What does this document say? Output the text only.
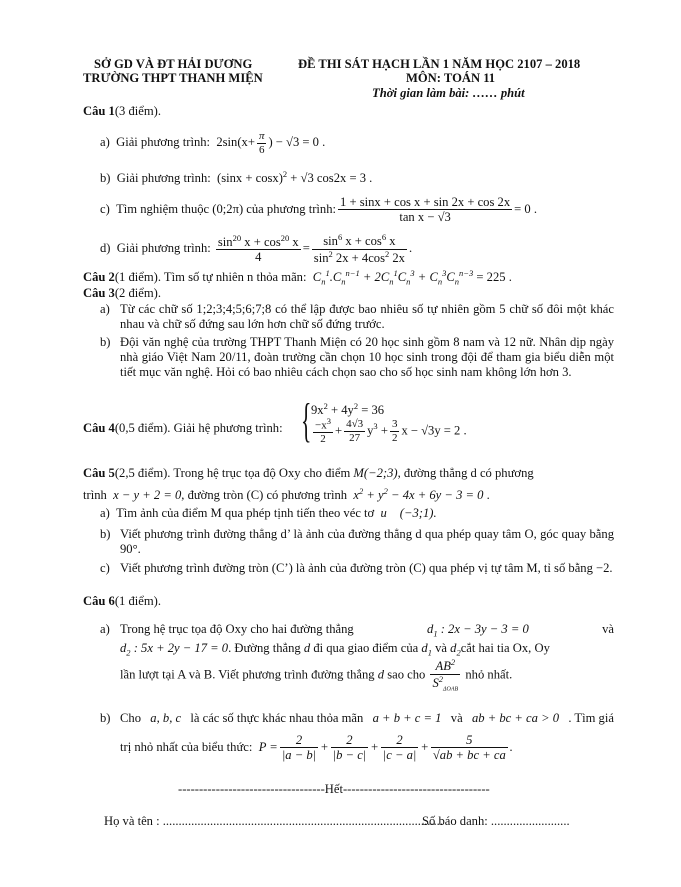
SỞ GD VÀ ĐT HẢI DƯƠNG
TRƯỜNG THPT THANH MIỆN
ĐỀ THI SÁT HẠCH LẦN 1 NĂM HỌC 2107 – 2018
MÔN: TOÁN 11
Thời gian làm bài: …… phút
Câu 1(3 điểm).
a) Giải phương trình:  $2\sin(x+ \frac{\pi}{6}$ ) − √3 = 0 .
b) Giải phương trình:  $(\sin x + \cos x)^2 + √3$ cos2x = 3 .
c) Tìm nghiệm thuộc (0;2π) của phương trình: $\frac{\text{1 + sinx + cos x + sin 2x + cos 2x}}{\text{tan x − √3}} = 0$ .
d) Giải phương trình: $\frac{\sin^{20} x + \cos^{20} x}{4} = \frac{\sin^6 x + \cos^6 x}{\sin^2 2x + 4\cos^2 2x}$ .
Câu 2(1 điểm). Tìm số tự nhiên n thỏa mãn:  $C_n^1.C_n^{n-1} + 2C_n^1C_n^3 + C_n^3C_n^{n-3} = 225$ .
Câu 3(2 điểm).
a) Từ các chữ số 1;2;3;4;5;6;7;8 có thể lập được bao nhiêu số tự nhiên gồm 5 chữ số đôi một khác nhau và chữ số đứng sau lớn hơn chữ số đứng trước.
b) Đội văn nghệ của trường THPT Thanh Miện có 20 học sinh gồm 8 nam và 12 nữ. Nhân dịp ngày nhà giáo Việt Nam 20/11, đoàn trường cần chọn 10 học sinh trong đội để tham gia biểu diễn một tiết mục văn nghệ. Hỏi có bao nhiêu cách chọn sao cho số học sinh nam không lớn hơn 3.
Câu 4(0,5 điểm). Giải hệ phương trình: { $9x^2 + 4y^2 = 36$
$\frac{-x^3}{2} + \frac{4√3}{27} y^3 + \frac{3}{2}$ x − √3y = 2 .
Câu 5(2,5 điểm). Trong hệ trục tọa độ Oxy cho điểm M(−2;3), đường thẳng d có phương
trình  x − y + 2 = 0, đường tròn (C) có phương trình  $x^2 + y^2 - 4x + 6y - 3 = 0$ .
a) Tìm ảnh của điểm M qua phép tịnh tiến theo véc tơ  u⃗ (−3;1).
b) Viết phương trình đường thẳng d’ là ảnh của đường thẳng d qua phép quay tâm O, góc quay bằng 90°.
c) Viết phương trình đường tròn (C’) là ảnh của đường tròn (C) qua phép vị tự tâm M, tỉ số bằng −2.
Câu 6(1 điểm).
a) Trong hệ trục tọa độ Oxy cho hai đường thẳng	$d_1$ : 2x − 3y − 3 = 0	và
$d_2$ : 5x + 2y − 17 = 0. Đường thẳng d đi qua giao điểm của $d_1$ và $d_2cắt$ hai tia Ox, Oy
lần lượt tại A và B. Viết phương trình đường thẳng d sao cho $\frac{AB^2}{S^2_{\Delta OAB}}$ nhỏ nhất.
b) Cho a, b, c là các số thực khác nhau thỏa mãn a + b + c = 1 và ab + bc + ca > 0 . Tìm giá
trị nhỏ nhất của biểu thức:  $P = \frac{2}{|a - b|} + \frac{2}{|b - c|} + \frac{2}{|c - a|} + \frac{5}{√ab + bc + ca}$ .
-----------------------------------Hết-----------------------------------
Họ và tên : .........................................................................................
Số báo danh: .........................
